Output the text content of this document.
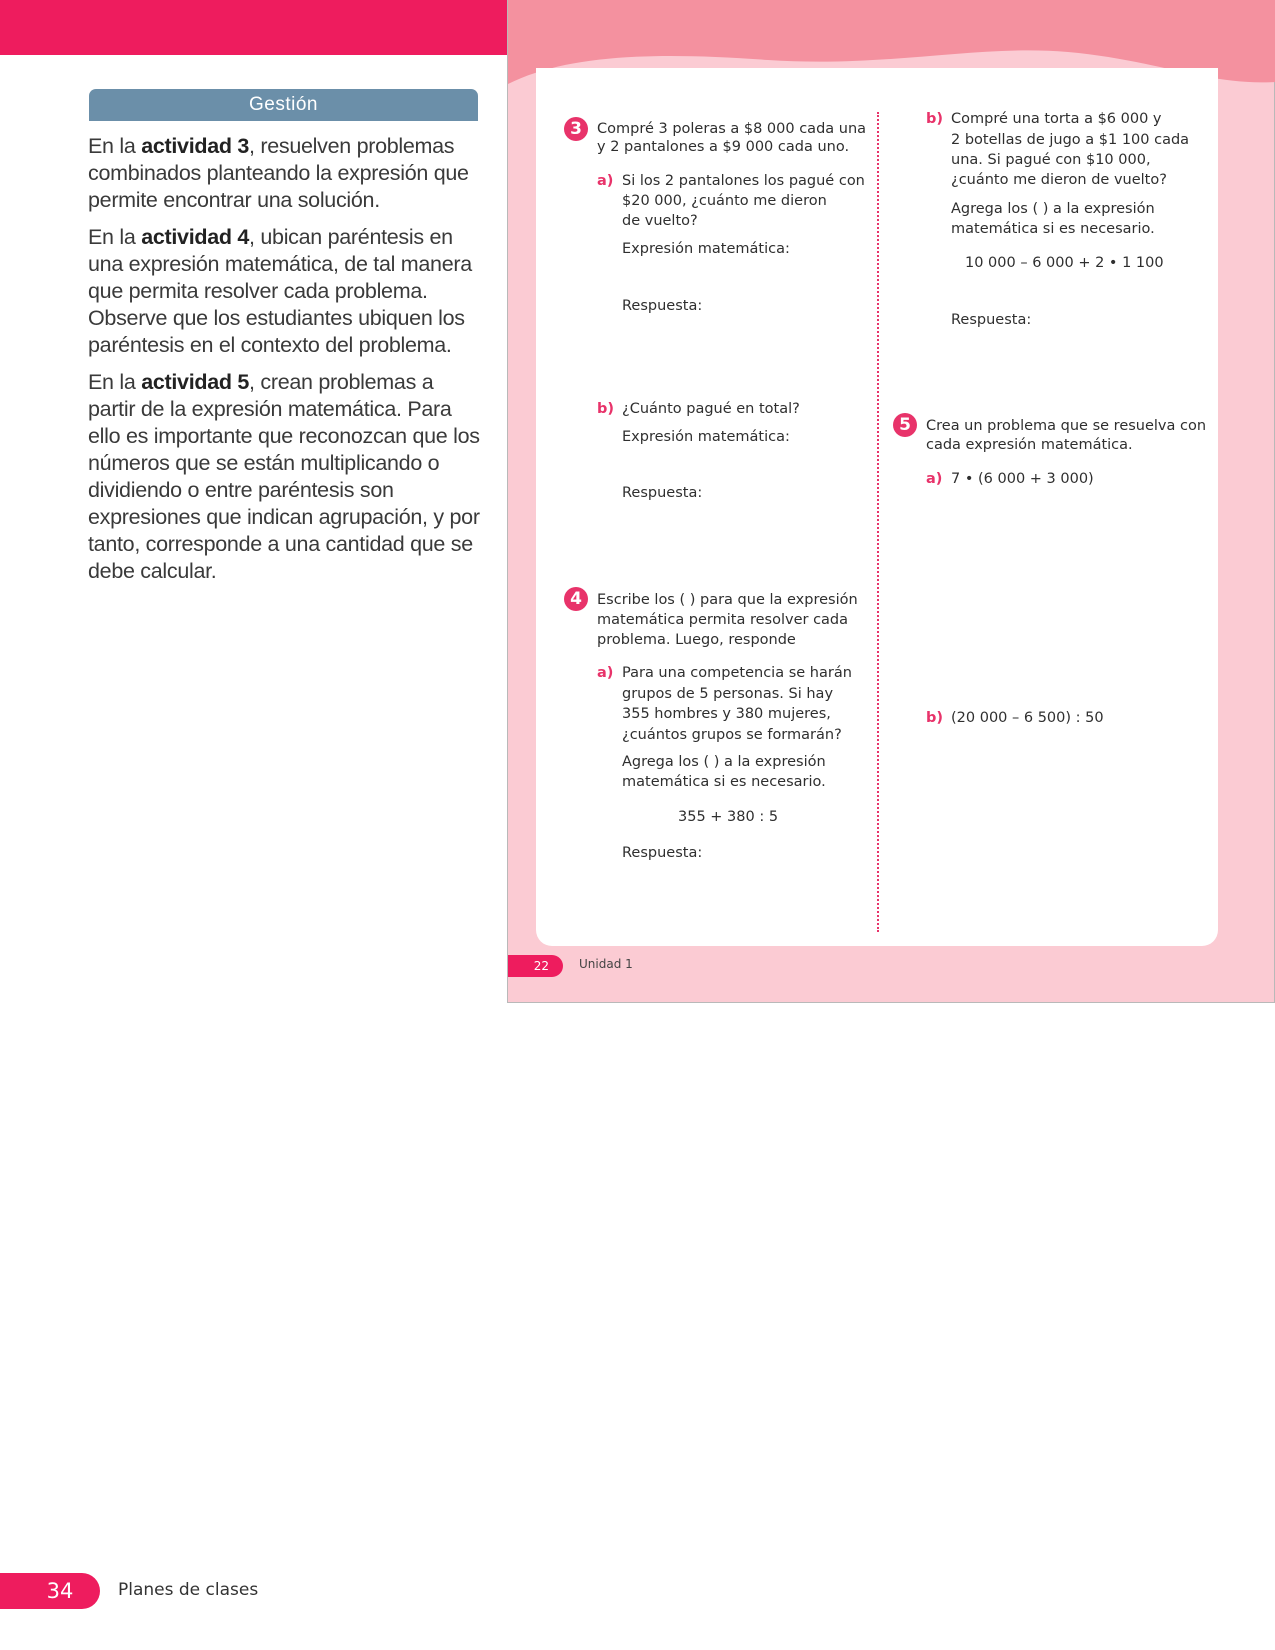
Gestión

En la actividad 3, resuelven problemas combinados planteando la expresión que permite encontrar una solución.

En la actividad 4, ubican paréntesis en una expresión matemática, de tal manera que permita resolver cada problema. Observe que los estudiantes ubiquen los paréntesis en el contexto del problema.

En la actividad 5, crean problemas a partir de la expresión matemática. Para ello es importante que reconozcan que los números que se están multiplicando o dividiendo o entre paréntesis son expresiones que indican agrupación, y por tanto, corresponde a una cantidad que se debe calcular.

3	Compré 3 poleras a $8 000 cada una
y 2 pantalones a $9 000 cada uno.
a) Si los 2 pantalones los pagué con
$20 000, ¿cuánto me dieron
de vuelto?
Expresión matemática:
Respuesta:
b) ¿Cuánto pagué en total?
Expresión matemática:
Respuesta:
4	Escribe los ( ) para que la expresión
matemática permita resolver cada
problema. Luego, responde
a) Para una competencia se harán
grupos de 5 personas. Si hay
355 hombres y 380 mujeres,
¿cuántos grupos se formarán?
Agrega los ( ) a la expresión
matemática si es necesario.
355 + 380 : 5
Respuesta:
b) Compré una torta a $6 000 y
2 botellas de jugo a $1 100 cada
una. Si pagué con $10 000,
¿cuánto me dieron de vuelto?
Agrega los ( ) a la expresión
matemática si es necesario.
10 000 – 6 000 + 2 • 1 100
Respuesta:
5	Crea un problema que se resuelva con
cada expresión matemática.
a) 7 • (6 000 + 3 000)
b) (20 000 – 6 500) : 50
22	Unidad 1
34	Planes de clases
